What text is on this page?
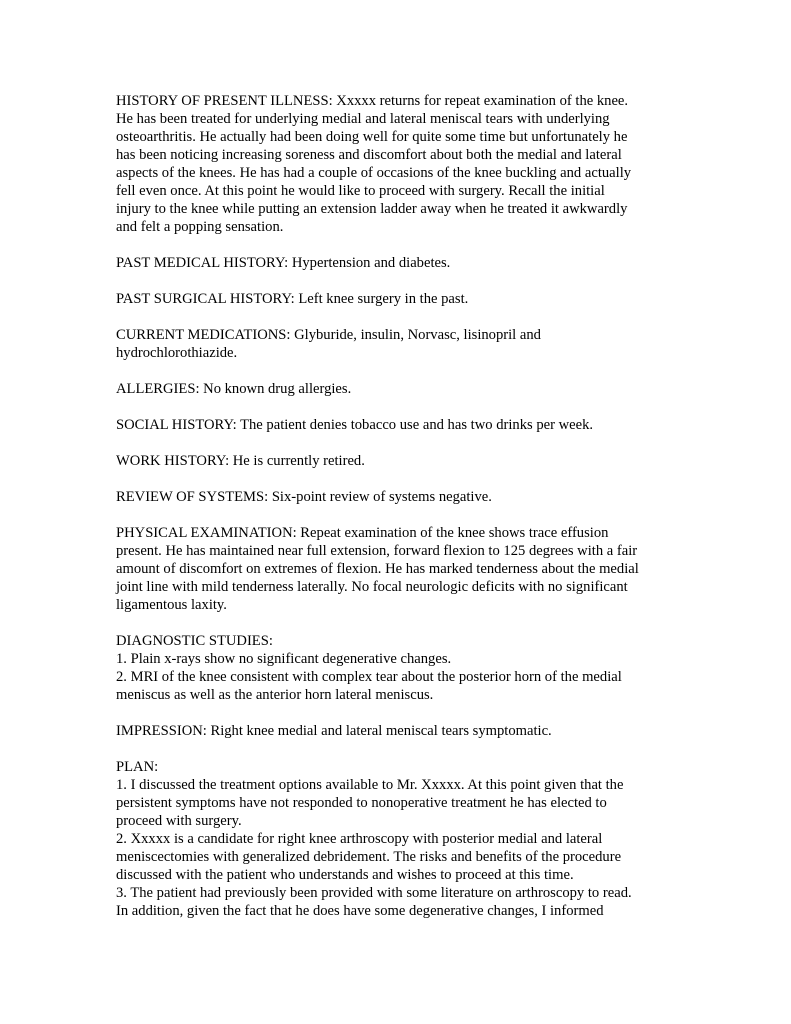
HISTORY OF PRESENT ILLNESS: Xxxxx returns for repeat examination of the knee.
He has been treated for underlying medial and lateral meniscal tears with underlying
osteoarthritis. He actually had been doing well for quite some time but unfortunately he
has been noticing increasing soreness and discomfort about both the medial and lateral
aspects of the knees. He has had a couple of occasions of the knee buckling and actually
fell even once. At this point he would like to proceed with surgery. Recall the initial
injury to the knee while putting an extension ladder away when he treated it awkwardly
and felt a popping sensation.
PAST MEDICAL HISTORY: Hypertension and diabetes.
PAST SURGICAL HISTORY: Left knee surgery in the past.
CURRENT MEDICATIONS: Glyburide, insulin, Norvasc, lisinopril and
hydrochlorothiazide.
ALLERGIES: No known drug allergies.
SOCIAL HISTORY: The patient denies tobacco use and has two drinks per week.
WORK HISTORY: He is currently retired.
REVIEW OF SYSTEMS: Six-point review of systems negative.
PHYSICAL EXAMINATION: Repeat examination of the knee shows trace effusion
present. He has maintained near full extension, forward flexion to 125 degrees with a fair
amount of discomfort on extremes of flexion. He has marked tenderness about the medial
joint line with mild tenderness laterally. No focal neurologic deficits with no significant
ligamentous laxity.
DIAGNOSTIC STUDIES:
1. Plain x-rays show no significant degenerative changes.
2. MRI of the knee consistent with complex tear about the posterior horn of the medial
meniscus as well as the anterior horn lateral meniscus.
IMPRESSION: Right knee medial and lateral meniscal tears symptomatic.
PLAN:
1. I discussed the treatment options available to Mr. Xxxxx. At this point given that the
persistent symptoms have not responded to nonoperative treatment he has elected to
proceed with surgery.
2. Xxxxx is a candidate for right knee arthroscopy with posterior medial and lateral
meniscectomies with generalized debridement. The risks and benefits of the procedure
discussed with the patient who understands and wishes to proceed at this time.
3. The patient had previously been provided with some literature on arthroscopy to read.
In addition, given the fact that he does have some degenerative changes, I informed
